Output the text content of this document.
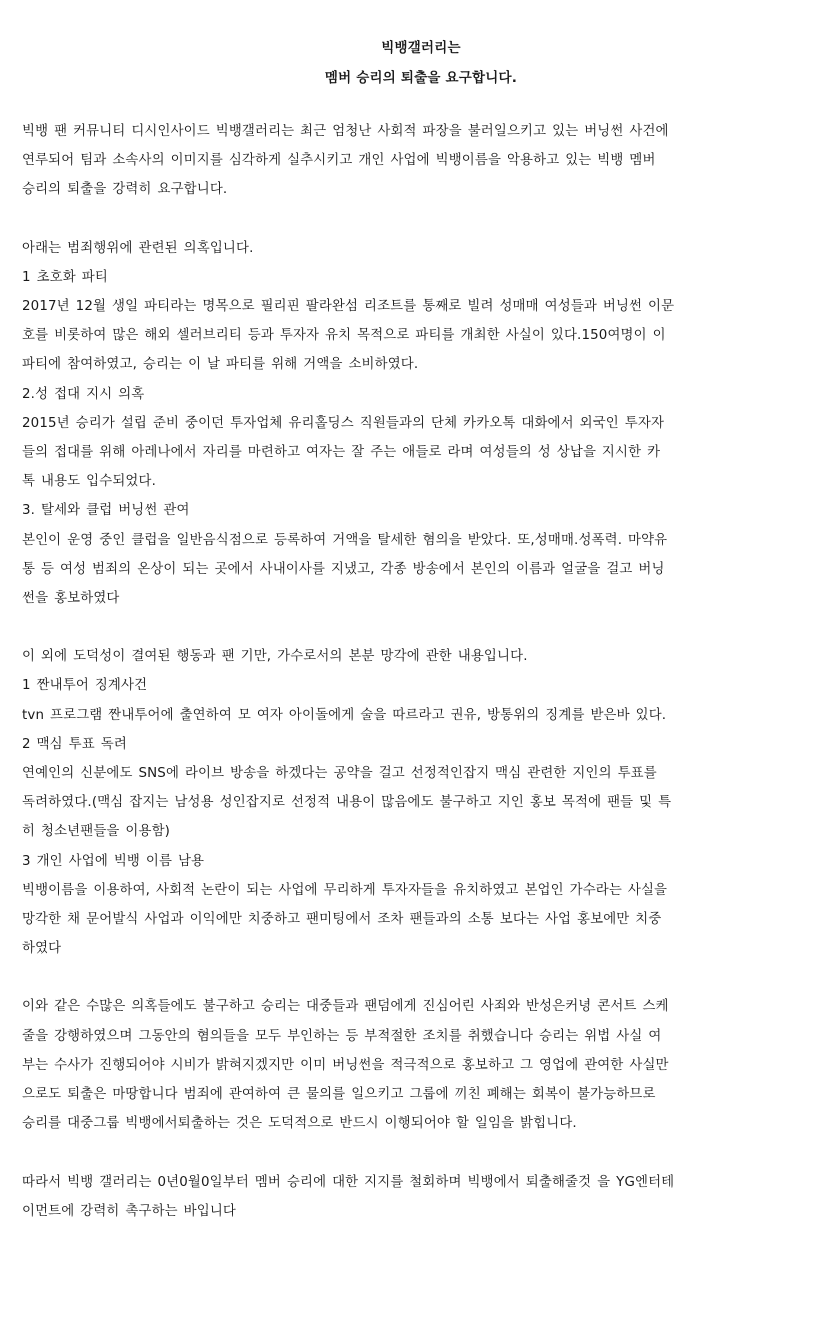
빅뱅갤러리는
멤버 승리의 퇴출을 요구합니다.
빅뱅 팬 커뮤니티 디시인사이드 빅뱅갤러리는 최근 엄청난 사회적 파장을 불러일으키고 있는 버닝썬 사건에
연루되어 팀과 소속사의 이미지를 심각하게 실추시키고 개인 사업에 빅뱅이름을 악용하고 있는 빅뱅 멤버
승리의 퇴출을 강력히 요구합니다.
아래는 범죄행위에 관련된 의혹입니다.
1 초호화 파티
2017년 12월 생일 파티라는 명목으로 필리핀 팔라완섬 리조트를 통째로 빌려 성매매 여성들과 버닝썬 이문
호를 비롯하여 많은 해외 셀러브리티 등과 투자자 유치 목적으로 파티를 개최한 사실이 있다.150여명이 이
파티에 참여하였고, 승리는 이 날 파티를 위해 거액을 소비하였다.
2.성 접대 지시 의혹
2015년 승리가 설립 준비 중이던 투자업체 유리홀딩스 직원들과의 단체 카카오톡 대화에서 외국인 투자자
들의 접대를 위해 아레나에서 자리를 마련하고 여자는 잘 주는 애들로 라며 여성들의 성 상납을 지시한 카
톡 내용도 입수되었다.
3. 탈세와 클럽 버닝썬 관여
본인이 운영 중인 클럽을 일반음식점으로 등록하여 거액을 탈세한 혐의을 받았다. 또,성매매.성폭력. 마약유
통 등 여성 범죄의 온상이 되는 곳에서 사내이사를 지냈고, 각종 방송에서 본인의 이름과 얼굴을 걸고 버닝
썬을 홍보하였다
이 외에 도덕성이 결여된 행동과 팬 기만, 가수로서의 본분 망각에 관한 내용입니다.
1 짠내투어 징계사건
tvn 프로그램 짠내투어에 출연하여 모 여자 아이돌에게 술을 따르라고 권유, 방통위의 징계를 받은바 있다.
2 맥심 투표 독려
연예인의 신분에도 SNS에 라이브 방송을 하겠다는 공약을 걸고 선정적인잡지 맥심 관련한 지인의 투표를
독려하였다.(맥심 잡지는 남성용 성인잡지로 선정적 내용이 많음에도 불구하고 지인 홍보 목적에 팬들 및 특
히 청소년팬들을 이용함)
3 개인 사업에 빅뱅 이름 남용
빅뱅이름을 이용하여, 사회적 논란이 되는 사업에 무리하게 투자자들을 유치하였고 본업인 가수라는 사실을
망각한 채 문어발식 사업과 이익에만 치중하고 팬미팅에서 조차 팬들과의 소통 보다는 사업 홍보에만 치중
하였다
이와 같은 수많은 의혹들에도 불구하고 승리는 대중들과 팬덤에게 진심어린 사죄와 반성은커녕 콘서트 스케
줄을 강행하였으며 그동안의 혐의들을 모두 부인하는 등 부적절한 조치를 취했습니다 승리는 위법 사실 여
부는 수사가 진행되어야 시비가 밝혀지겠지만 이미 버닝썬을 적극적으로 홍보하고 그 영업에 관여한 사실만
으로도 퇴출은 마땅합니다 범죄에 관여하여 큰 물의를 일으키고 그룹에 끼친 폐해는 회복이 불가능하므로
승리를 대중그룹 빅뱅에서퇴출하는 것은 도덕적으로 반드시 이행되어야 할 일임을 밝힙니다.
따라서 빅뱅 갤러리는 0년0월0일부터 멤버 승리에 대한 지지를 철회하며 빅뱅에서 퇴출해줄것 을 YG엔터테
이먼트에 강력히 촉구하는 바입니다
